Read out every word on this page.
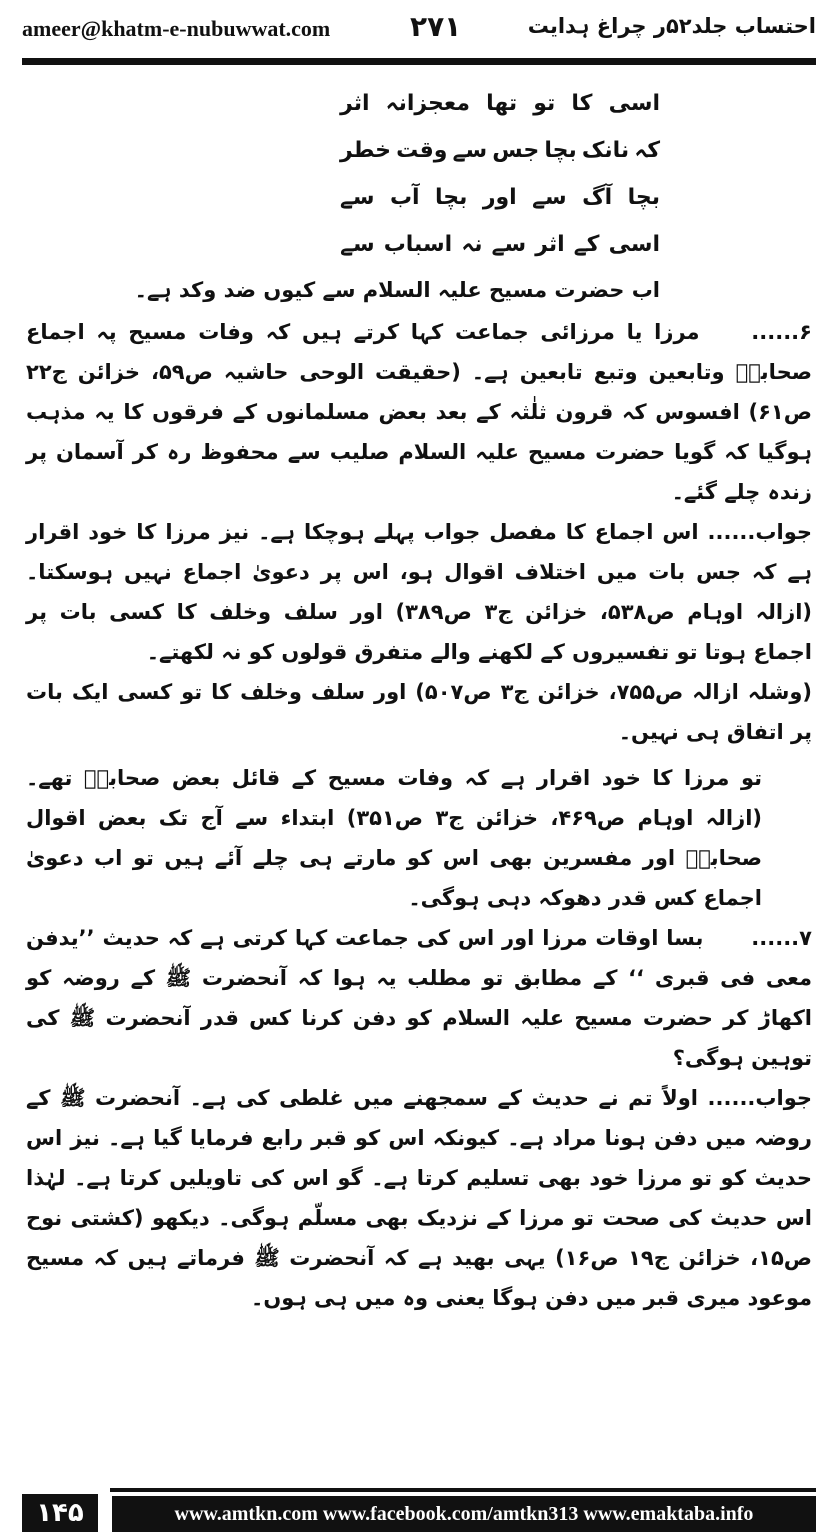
ameer@khatm-e-nubuwwat.com	۲۷۱	احتساب جلد۵۲ر چراغ ہدایت
اسی
کا
تو
تھا
معجزانہ
اثر
کہ
نانک
بچا
جس
سے
وقت
خطر
بچا
آگ
سے
اور
بچا
آب
سے
اسی
کے
اثر
سے
نہ
اسباب
سے
اب حضرت مسیح علیہ السلام سے کیوں ضد وکد ہے۔
۶...... مرزا یا مرزائی جماعت کہا کرتے ہیں کہ وفات مسیح پہ اجماع صحابہؓ وتابعین وتبع تابعین ہے۔ (حقیقت الوحی حاشیہ ص۵۹، خزائن ج۲۲ ص۶۱) افسوس کہ قرون ثلٰثہ کے بعد بعض مسلمانوں کے فرقوں کا یہ مذہب ہوگیا کہ گویا حضرت مسیح علیہ السلام صلیب سے محفوظ رہ کر آسمان پر زندہ چلے گئے۔
جواب...... اس اجماع کا مفصل جواب پہلے ہوچکا ہے۔ نیز مرزا کا خود اقرار ہے کہ جس بات میں اختلاف اقوال ہو، اس پر دعویٰ اجماع نہیں ہوسکتا۔ (ازالہ اوہام ص۵۳۸، خزائن ج۳ ص۳۸۹) اور سلف وخلف کا کسی بات پر اجماع ہوتا تو تفسیروں کے لکھنے والے متفرق قولوں کو نہ لکھتے۔
(وشلہ ازالہ ص۷۵۵، خزائن ج۳ ص۵۰۷) اور سلف وخلف کا تو کسی ایک بات پر اتفاق ہی نہیں۔
تو مرزا کا خود اقرار ہے کہ وفات مسیح کے قائل بعض صحابہؓ تھے۔ (ازالہ اوہام ص۴۶۹، خزائن ج۳ ص۳۵۱) ابتداء سے آج تک بعض اقوال صحابہؓ اور مفسرین بھی اس کو مارتے ہی چلے آئے ہیں تو اب دعویٰ اجماع کس قدر دھوکہ دہی ہوگی۔
۷...... بسا اوقات مرزا اور اس کی جماعت کہا کرتی ہے کہ حدیث ’’یدفن معی فی قبری ‘‘ کے مطابق تو مطلب یہ ہوا کہ آنحضرت ﷺ کے روضہ کو اکھاڑ کر حضرت مسیح علیہ السلام کو دفن کرنا کس قدر آنحضرت ﷺ کی توہین ہوگی؟
جواب...... اولاً تم نے حدیث کے سمجھنے میں غلطی کی ہے۔ آنحضرت ﷺ کے روضہ میں دفن ہونا مراد ہے۔ کیونکہ اس کو قبر رابع فرمایا گیا ہے۔ نیز اس حدیث کو تو مرزا خود بھی تسلیم کرتا ہے۔ گو اس کی تاویلیں کرتا ہے۔ لہٰذا اس حدیث کی صحت تو مرزا کے نزدیک بھی مسلّم ہوگی۔ دیکھو (کشتی نوح ص۱۵، خزائن ج۱۹ ص۱۶) یہی بھید ہے کہ آنحضرت ﷺ فرماتے ہیں کہ مسیح موعود میری قبر میں دفن ہوگا یعنی وہ میں ہی ہوں۔
۱۴۵	www.amtkn.com www.facebook.com/amtkn313 www.emaktaba.info
